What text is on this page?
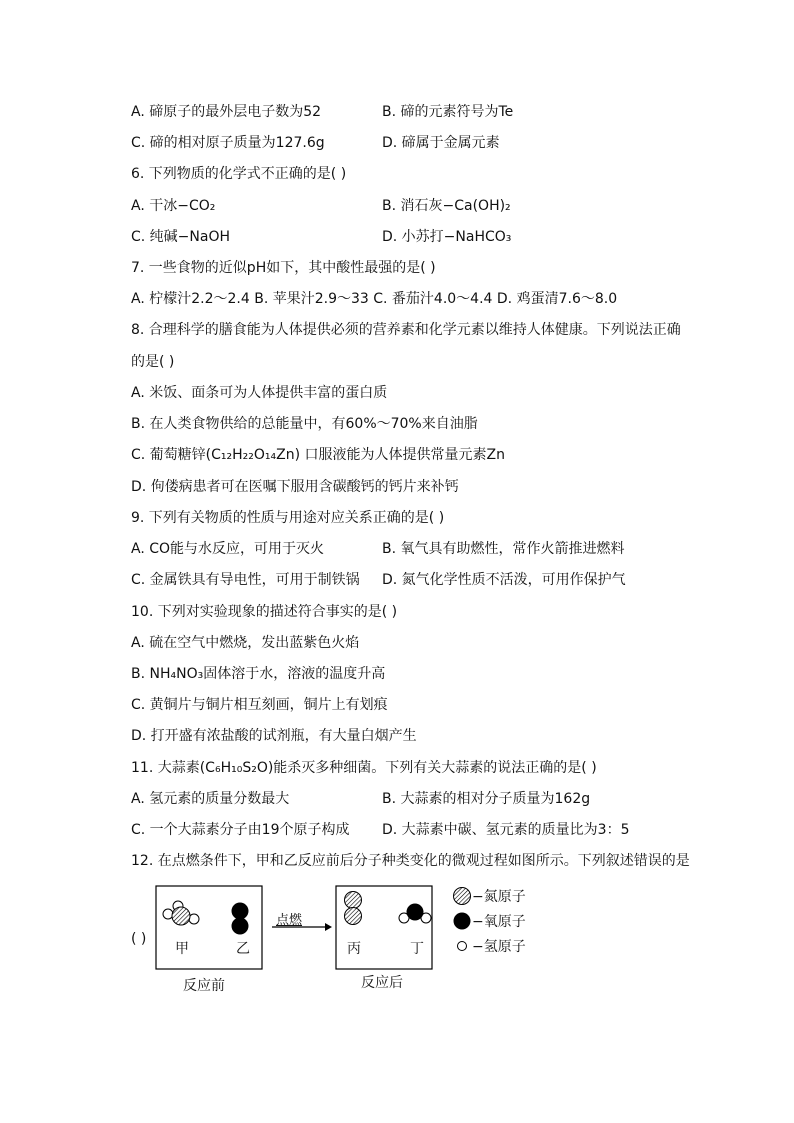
A. 碲原子的最外层电子数为52	B. 碲的元素符号为Te
C. 碲的相对原子质量为127.6g	D. 碲属于金属元素
6. 下列物质的化学式不正确的是( )
A. 干冰−CO₂	B. 消石灰−Ca(OH)₂
C. 纯碱−NaOH	D. 小苏打−NaHCO₃
7. 一些食物的近似pH如下，其中酸性最强的是( )
A. 柠檬汁2.2～2.4 B. 苹果汁2.9～33 C. 番茄汁4.0～4.4 D. 鸡蛋清7.6～8.0
8. 合理科学的膳食能为人体提供必须的营养素和化学元素以维持人体健康。下列说法正确
的是( )
A. 米饭、面条可为人体提供丰富的蛋白质
B. 在人类食物供给的总能量中，有60%～70%来自油脂
C. 葡萄糖锌(C₁₂H₂₂O₁₄Zn) 口服液能为人体提供常量元素Zn
D. 佝偻病患者可在医嘱下服用含碳酸钙的钙片来补钙
9. 下列有关物质的性质与用途对应关系正确的是( )
A. CO能与水反应，可用于灭火	B. 氧气具有助燃性，常作火箭推进燃料
C. 金属铁具有导电性，可用于制铁锅 D. 氮气化学性质不活泼，可用作保护气
10. 下列对实验现象的描述符合事实的是( )
A. 硫在空气中燃烧，发出蓝紫色火焰
B. NH₄NO₃固体溶于水，溶液的温度升高
C. 黄铜片与铜片相互刻画，铜片上有划痕
D. 打开盛有浓盐酸的试剂瓶，有大量白烟产生
11. 大蒜素(C₆H₁₀S₂O)能杀灭多种细菌。下列有关大蒜素的说法正确的是( )
A. 氢元素的质量分数最大	B. 大蒜素的相对分子质量为162g
C. 一个大蒜素分子由19个原子构成 D. 大蒜素中碳、氢元素的质量比为3：5
12. 在点燃条件下，甲和乙反应前后分子种类变化的微观过程如图所示。下列叙述错误的是
( )
甲	乙	丙	丁
点燃
反应前	反应后
−氮原子
−氧原子
−氢原子
